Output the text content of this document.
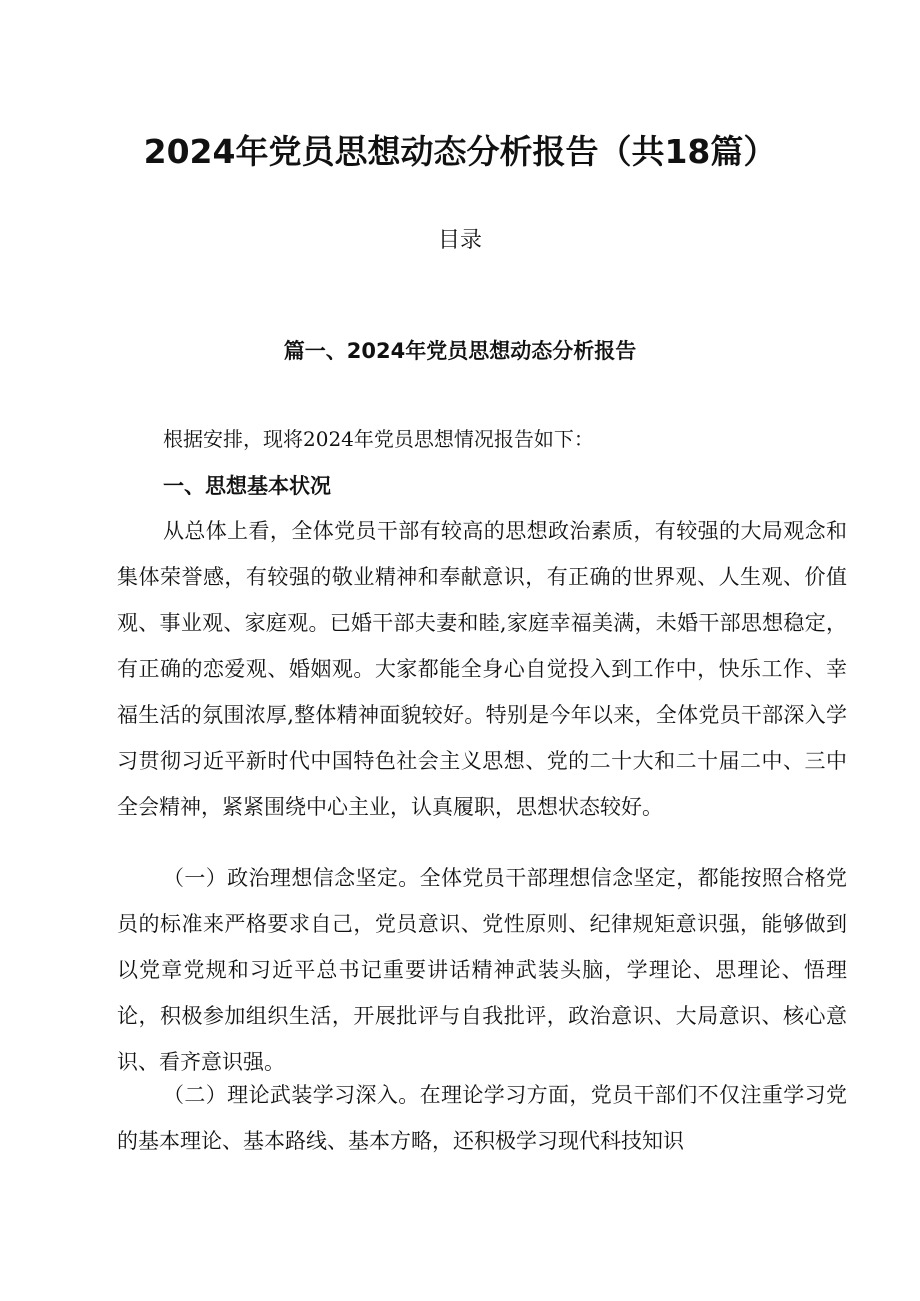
2024年党员思想动态分析报告（共18篇）
目录
篇一、2024年党员思想动态分析报告
根据安排，现将2024年党员思想情况报告如下：
一、思想基本状况

从总体上看，全体党员干部有较高的思想政治素质，有较强的大局观念和集体荣誉感，有较强的敬业精神和奉献意识，有正确的世界观、人生观、价值观、事业观、家庭观。已婚干部夫妻和睦,家庭幸福美满，未婚干部思想稳定，有正确的恋爱观、婚姻观。大家都能全身心自觉投入到工作中，快乐工作、幸福生活的氛围浓厚,整体精神面貌较好。特别是今年以来，全体党员干部深入学习贯彻习近平新时代中国特色社会主义思想、党的二十大和二十届二中、三中全会精神，紧紧围绕中心主业，认真履职，思想状态较好。

（一）政治理想信念坚定。全体党员干部理想信念坚定，都能按照合格党员的标准来严格要求自己，党员意识、党性原则、纪律规矩意识强，能够做到以党章党规和习近平总书记重要讲话精神武装头脑，学理论、思理论、悟理论，积极参加组织生活，开展批评与自我批评，政治意识、大局意识、核心意识、看齐意识强。

（二）理论武装学习深入。在理论学习方面，党员干部们不仅注重学习党的基本理论、基本路线、基本方略，还积极学习现代科技知识
